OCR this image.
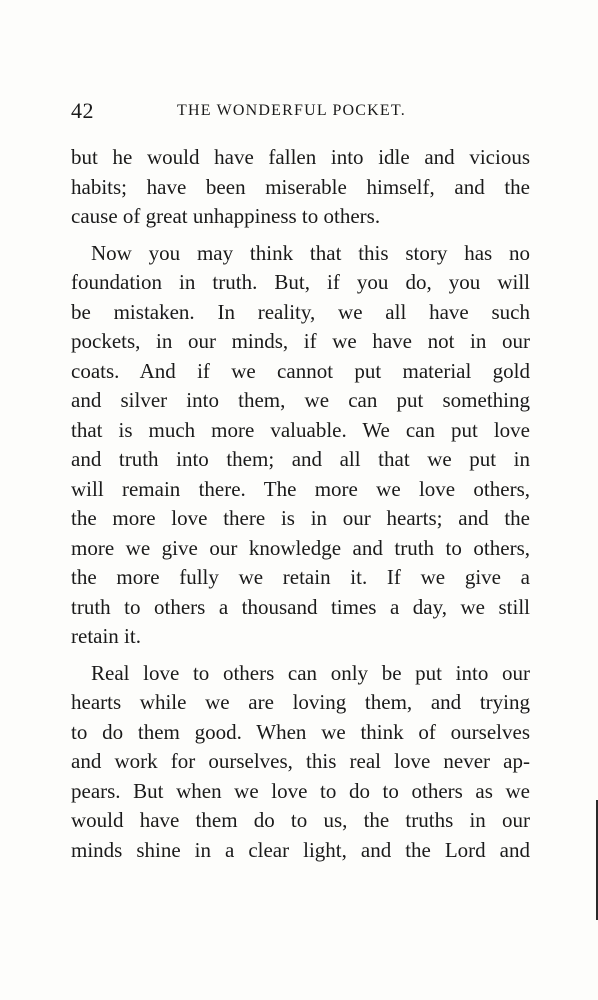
42	THE WONDERFUL POCKET.

but he would have fallen into idle and vicious
habits; have been miserable himself, and the
cause of great unhappiness to others.

Now you may think that this story has no
foundation in truth. But, if you do, you will
be mistaken. In reality, we all have such
pockets, in our minds, if we have not in our
coats. And if we cannot put material gold
and silver into them, we can put something
that is much more valuable. We can put love
and truth into them; and all that we put in
will remain there. The more we love others,
the more love there is in our hearts; and the
more we give our knowledge and truth to others,
the more fully we retain it. If we give a
truth to others a thousand times a day, we still
retain it.

Real love to others can only be put into our
hearts while we are loving them, and trying
to do them good. When we think of ourselves
and work for ourselves, this real love never ap-
pears. But when we love to do to others as we
would have them do to us, the truths in our
minds shine in a clear light, and the Lord and
